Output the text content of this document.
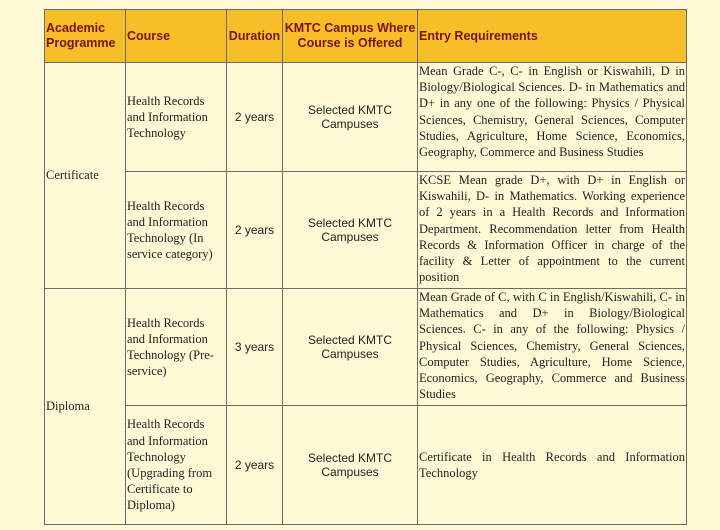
Academic Programme	Course	Duration	KMTC Campus Where Course is Offered	Entry Requirements
Certificate	Health Records and Information Technology	2 years	Selected KMTC Campuses	Mean Grade C-, C- in English or Kiswahili, D in Biology/Biological Sciences. D- in Mathematics and D+ in any one of the following: Physics / Physical Sciences, Chemistry, General Sciences, Computer Studies, Agriculture, Home Science, Economics, Geography, Commerce and Business Studies
	Health Records and Information Technology (In service category)	2 years	Selected KMTC Campuses	KCSE Mean grade D+, with D+ in English or Kiswahili, D- in Mathematics. Working experience of 2 years in a Health Records and Information Department. Recommendation letter from Health Records & Information Officer in charge of the facility & Letter of appointment to the current position
Diploma	Health Records and Information Technology (Pre-service)	3 years	Selected KMTC Campuses	Mean Grade of C, with C in English/Kiswahili, C- in Mathematics and D+ in Biology/Biological Sciences. C- in any of the following: Physics / Physical Sciences, Chemistry, General Sciences, Computer Studies, Agriculture, Home Science, Economics, Geography, Commerce and Business Studies
	Health Records and Information Technology (Upgrading from Certificate to Diploma)	2 years	Selected KMTC Campuses	Certificate in Health Records and Information Technology
